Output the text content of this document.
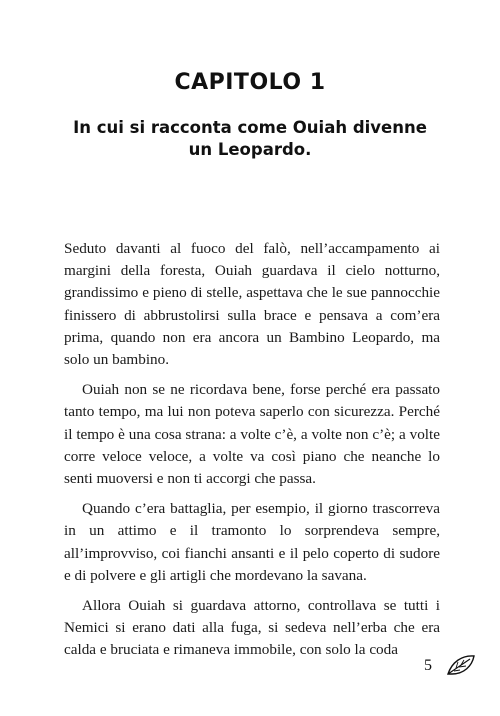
CAPITOLO 1
In cui si racconta come Ouiah divenne un Leopardo.

Seduto davanti al fuoco del falò, nell’accampamento ai margini della foresta, Ouiah guardava il cielo notturno, grandissimo e pieno di stelle, aspettava che le sue pannocchie finissero di abbrustolirsi sulla brace e pensava a com’era prima, quando non era ancora un Bambino Leopardo, ma solo un bambino.

Ouiah non se ne ricordava bene, forse perché era passato tanto tempo, ma lui non poteva saperlo con sicurezza. Perché il tempo è una cosa strana: a volte c’è, a volte non c’è; a volte corre veloce veloce, a volte va così piano che neanche lo senti muoversi e non ti accorgi che passa.

Quando c’era battaglia, per esempio, il giorno trascorreva in un attimo e il tramonto lo sorprendeva sempre, all’improvviso, coi fianchi ansanti e il pelo coperto di sudore e di polvere e gli artigli che mordevano la savana.

Allora Ouiah si guardava attorno, controllava se tutti i Nemici si erano dati alla fuga, si sedeva nell’erba che era calda e bruciata e rimaneva immobile, con solo la coda

5
